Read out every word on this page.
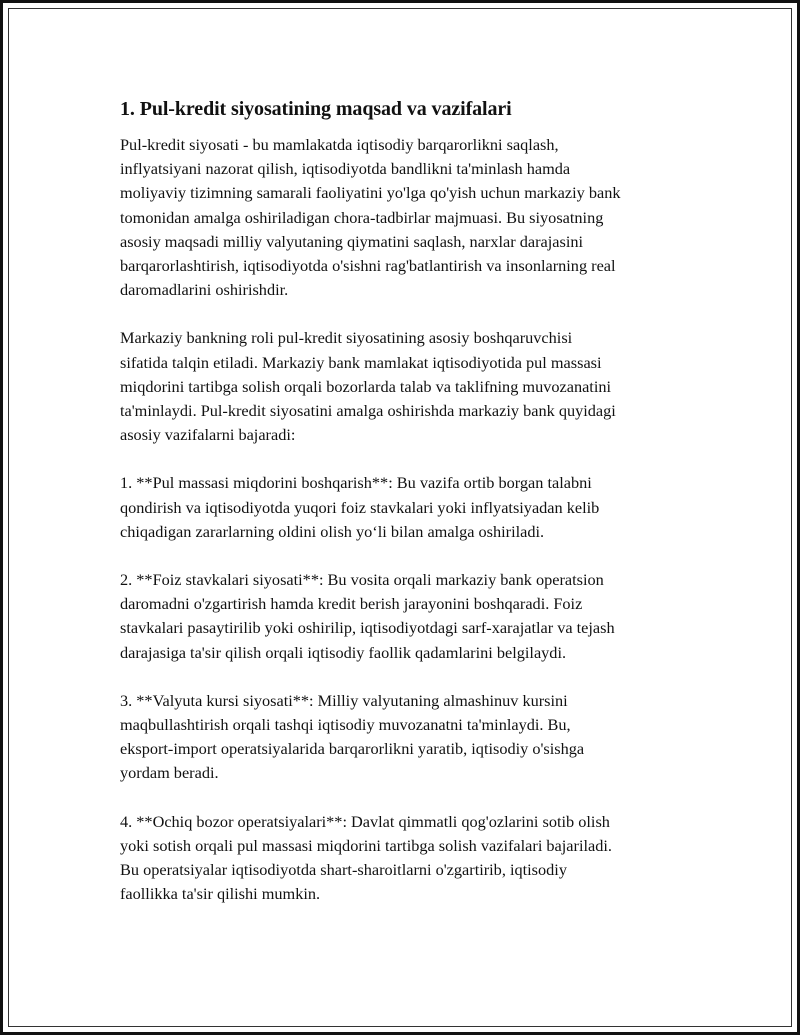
1. Pul-kredit siyosatining maqsad va vazifalari

Pul-kredit siyosati - bu mamlakatda iqtisodiy barqarorlikni saqlash,
inflyatsiyani nazorat qilish, iqtisodiyotda bandlikni ta'minlash hamda
moliyaviy tizimning samarali faoliyatini yo'lga qo'yish uchun markaziy bank
tomonidan amalga oshiriladigan chora-tadbirlar majmuasi. Bu siyosatning
asosiy maqsadi milliy valyutaning qiymatini saqlash, narxlar darajasini
barqarorlashtirish, iqtisodiyotda o'sishni rag'batlantirish va insonlarning real
daromadlarini oshirishdir.

Markaziy bankning roli pul-kredit siyosatining asosiy boshqaruvchisi
sifatida talqin etiladi. Markaziy bank mamlakat iqtisodiyotida pul massasi
miqdorini tartibga solish orqali bozorlarda talab va taklifning muvozanatini
ta'minlaydi. Pul-kredit siyosatini amalga oshirishda markaziy bank quyidagi
asosiy vazifalarni bajaradi:

1. **Pul massasi miqdorini boshqarish**: Bu vazifa ortib borgan talabni
qondirish va iqtisodiyotda yuqori foiz stavkalari yoki inflyatsiyadan kelib
chiqadigan zararlarning oldini olish yo‘li bilan amalga oshiriladi.

2. **Foiz stavkalari siyosati**: Bu vosita orqali markaziy bank operatsion
daromadni o'zgartirish hamda kredit berish jarayonini boshqaradi. Foiz
stavkalari pasaytirilib yoki oshirilip, iqtisodiyotdagi sarf-xarajatlar va tejash
darajasiga ta'sir qilish orqali iqtisodiy faollik qadamlarini belgilaydi.

3. **Valyuta kursi siyosati**: Milliy valyutaning almashinuv kursini
maqbullashtirish orqali tashqi iqtisodiy muvozanatni ta'minlaydi. Bu,
eksport-import operatsiyalarida barqarorlikni yaratib, iqtisodiy o'sishga
yordam beradi.

4. **Ochiq bozor operatsiyalari**: Davlat qimmatli qog'ozlarini sotib olish
yoki sotish orqali pul massasi miqdorini tartibga solish vazifalari bajariladi.
Bu operatsiyalar iqtisodiyotda shart-sharoitlarni o'zgartirib, iqtisodiy
faollikka ta'sir qilishi mumkin.
